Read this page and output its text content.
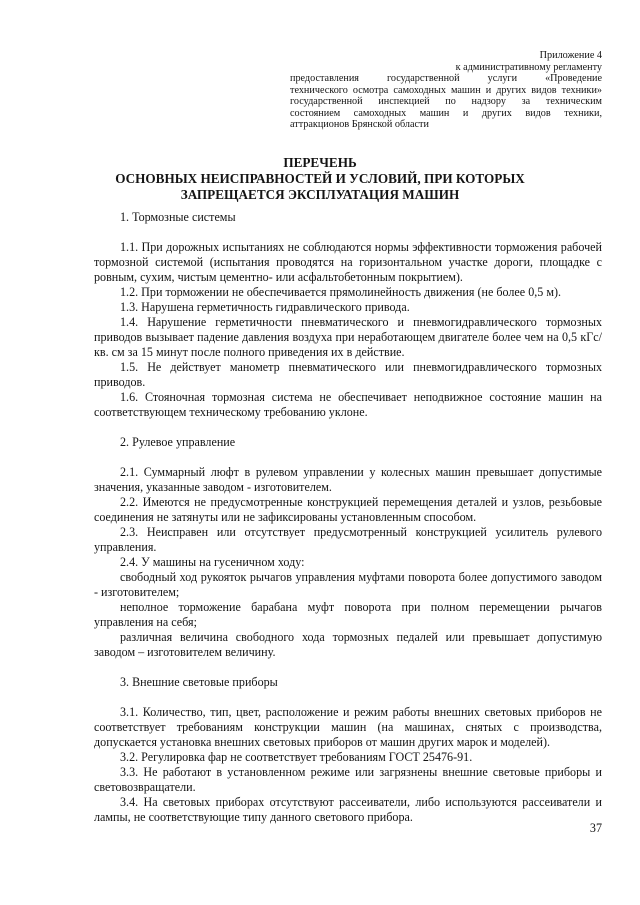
Приложение 4
к административному регламенту
предоставления государственной услуги «Проведение
технического осмотра самоходных машин и других видов техники»
государственной инспекцией по надзору за техническим
состоянием самоходных машин и других видов техники,
аттракционов Брянской области
ПЕРЕЧЕНЬ
ОСНОВНЫХ НЕИСПРАВНОСТЕЙ И УСЛОВИЙ, ПРИ КОТОРЫХ
ЗАПРЕЩАЕТСЯ ЭКСПЛУАТАЦИЯ МАШИН

1. Тормозные системы

1.1. При дорожных испытаниях не соблюдаются нормы эффективности торможения рабочей тормозной системой (испытания проводятся на горизонтальном участке дороги, площадке с ровным, сухим, чистым цементно- или асфальтобетонным покрытием).

1.2. При торможении не обеспечивается прямолинейность движения (не более 0,5 м).

1.3. Нарушена герметичность гидравлического привода.

1.4. Нарушение герметичности пневматического и пневмогидравлического тормозных приводов вызывает падение давления воздуха при неработающем двигателе более чем на 0,5 кГс/кв. см за 15 минут после полного приведения их в действие.

1.5. Не действует манометр пневматического или пневмогидравлического тормозных приводов.

1.6. Стояночная тормозная система не обеспечивает неподвижное состояние машин на соответствующем техническому требованию уклоне.

2. Рулевое управление

2.1. Суммарный люфт в рулевом управлении у колесных машин превышает допустимые значения, указанные заводом - изготовителем.

2.2. Имеются не предусмотренные конструкцией перемещения деталей и узлов, резьбовые соединения не затянуты или не зафиксированы установленным способом.

2.3. Неисправен или отсутствует предусмотренный конструкцией усилитель рулевого управления.

2.4. У машины на гусеничном ходу:

свободный ход рукояток рычагов управления муфтами поворота более допустимого заводом - изготовителем;

неполное торможение барабана муфт поворота при полном перемещении рычагов управления на себя;

различная величина свободного хода тормозных педалей или превышает допустимую заводом – изготовителем величину.

3. Внешние световые приборы

3.1. Количество, тип, цвет, расположение и режим работы внешних световых приборов не соответствует требованиям конструкции машин (на машинах, снятых с производства, допускается установка внешних световых приборов от машин других марок и моделей).

3.2. Регулировка фар не соответствует требованиям ГОСТ 25476-91.

3.3. Не работают в установленном режиме или загрязнены внешние световые приборы и световозвращатели.

3.4. На световых приборах отсутствуют рассеиватели, либо используются рассеиватели и лампы, не соответствующие типу данного светового прибора.

37
